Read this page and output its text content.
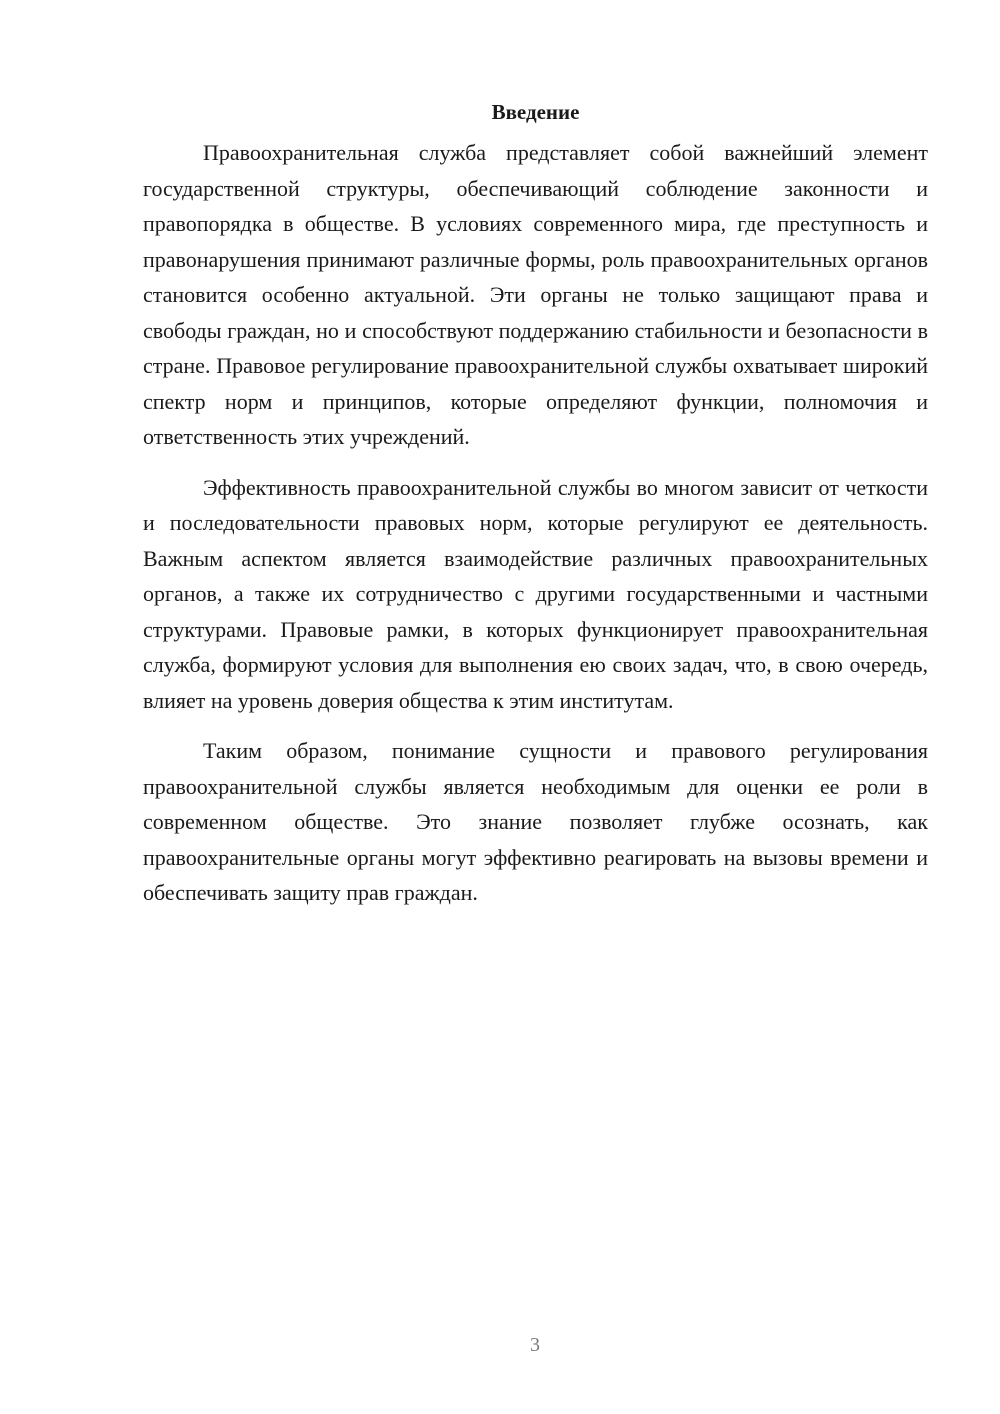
Введение

Правоохранительная служба представляет собой важнейший элемент государственной структуры, обеспечивающий соблюдение законности и правопорядка в обществе. В условиях современного мира, где преступность и правонарушения принимают различные формы, роль правоохранительных органов становится особенно актуальной. Эти органы не только защищают права и свободы граждан, но и способствуют поддержанию стабильности и безопасности в стране. Правовое регулирование правоохранительной службы охватывает широкий спектр норм и принципов, которые определяют функции, полномочия и ответственность этих учреждений.

Эффективность правоохранительной службы во многом зависит от четкости и последовательности правовых норм, которые регулируют ее деятельность. Важным аспектом является взаимодействие различных правоохранительных органов, а также их сотрудничество с другими государственными и частными структурами. Правовые рамки, в которых функционирует правоохранительная служба, формируют условия для выполнения ею своих задач, что, в свою очередь, влияет на уровень доверия общества к этим институтам.

Таким образом, понимание сущности и правового регулирования правоохранительной службы является необходимым для оценки ее роли в современном обществе. Это знание позволяет глубже осознать, как правоохранительные органы могут эффективно реагировать на вызовы времени и обеспечивать защиту прав граждан.

3
